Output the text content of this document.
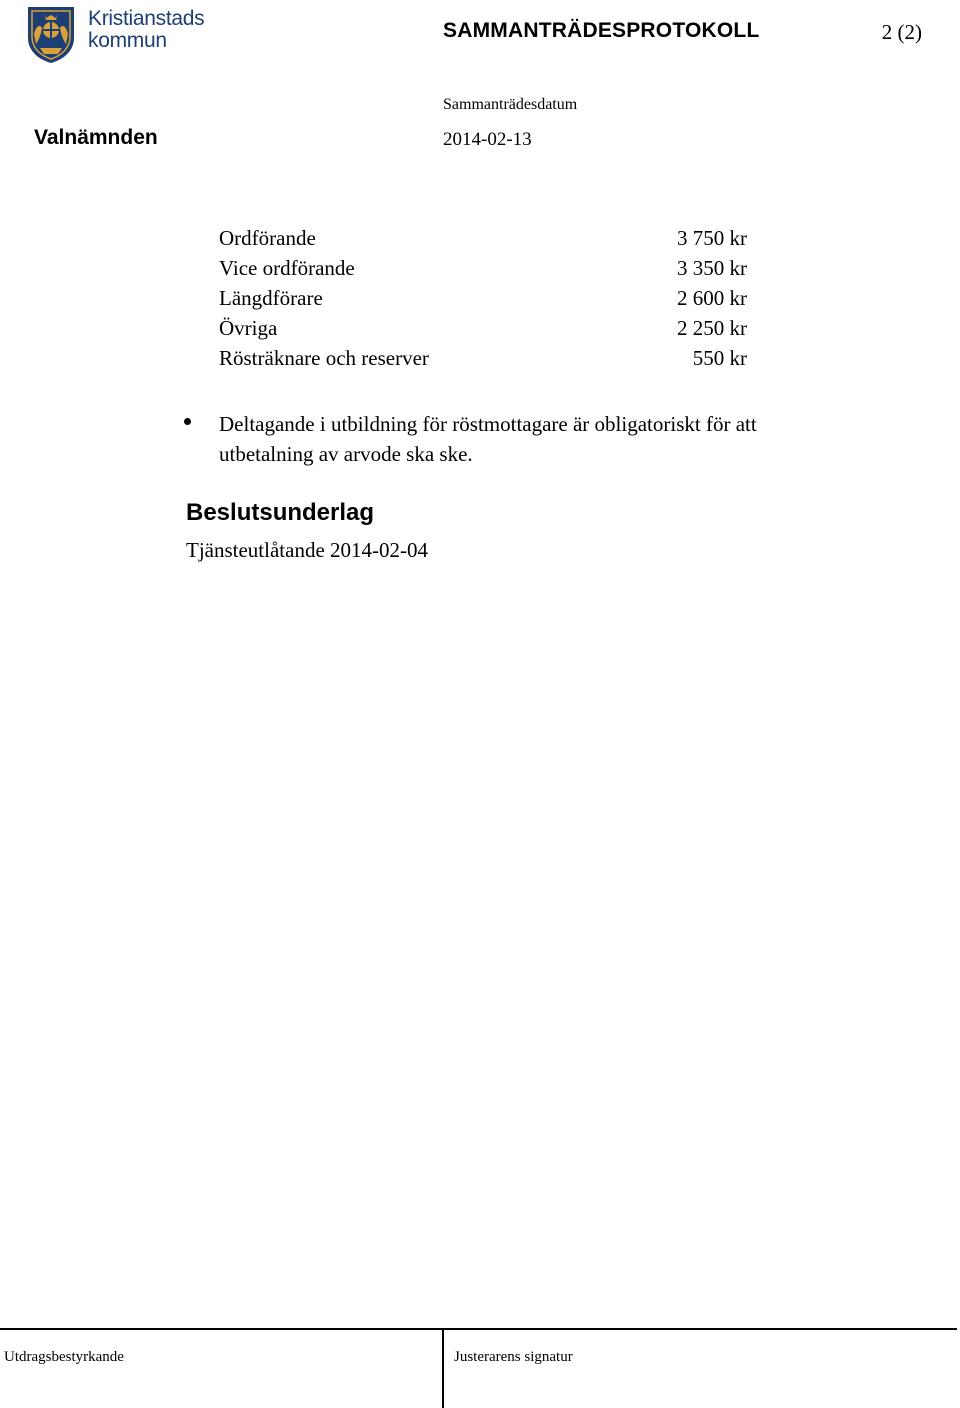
Kristianstads
kommun	SAMMANTRÄDESPROTOKOLL	2 (2)
Sammanträdesdatum
Valnämnden	2014-02-13
Ordförande	3 750 kr
Vice ordförande	3 350 kr
Längdförare	2 600 kr
Övriga	2 250 kr
Rösträknare och reserver	550 kr
Deltagande i utbildning för röstmottagare är obligatoriskt för att utbetalning av arvode ska ske.
Beslutsunderlag
Tjänsteutlåtande 2014-02-04
Utdragsbestyrkande	Justerarens signatur
